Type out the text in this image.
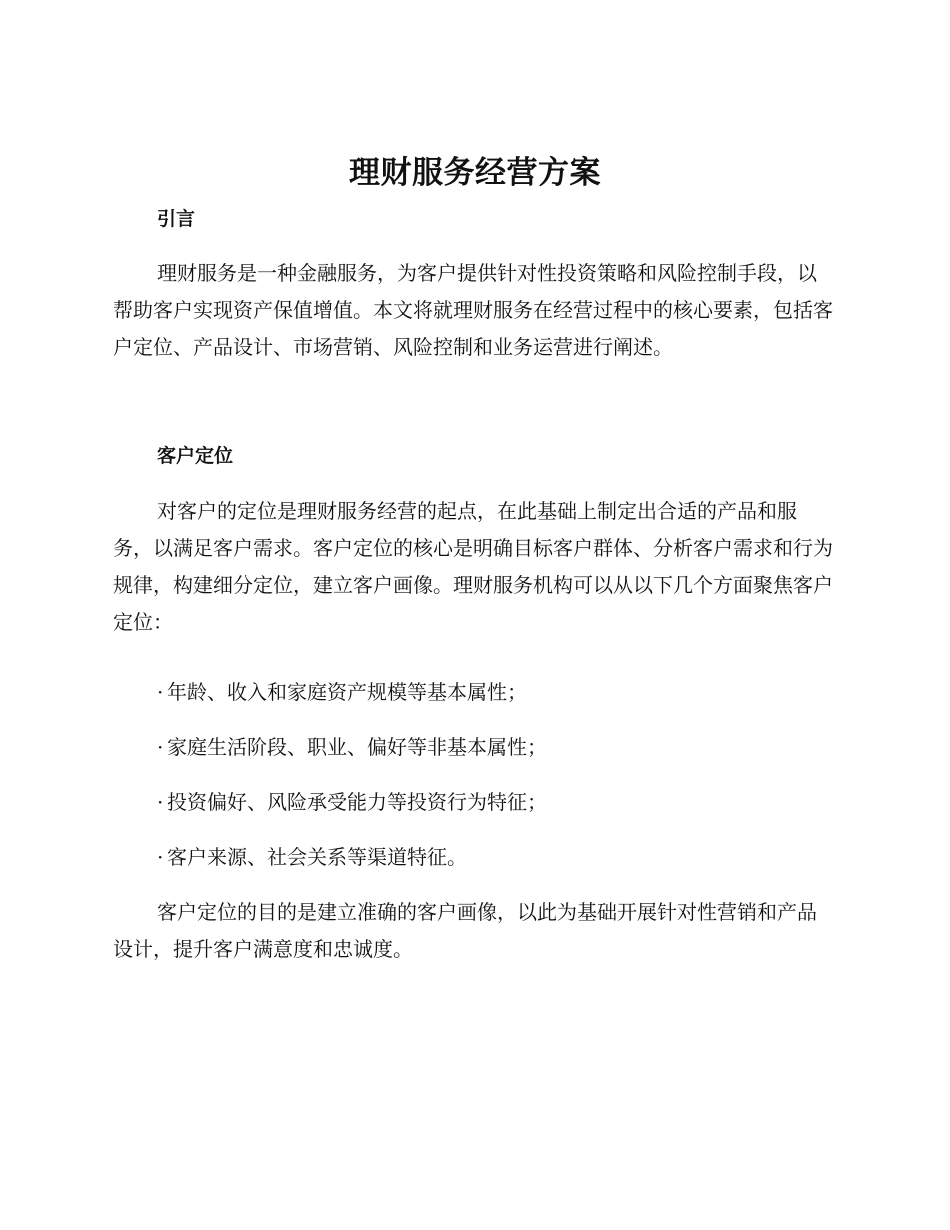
理财服务经营方案
引言

理财服务是一种金融服务，为客户提供针对性投资策略和风险控制手段，以帮助客户实现资产保值增值。本文将就理财服务在经营过程中的核心要素，包括客户定位、产品设计、市场营销、风险控制和业务运营进行阐述。

客户定位

对客户的定位是理财服务经营的起点，在此基础上制定出合适的产品和服务，以满足客户需求。客户定位的核心是明确目标客户群体、分析客户需求和行为规律，构建细分定位，建立客户画像。理财服务机构可以从以下几个方面聚焦客户定位：

· 年龄、收入和家庭资产规模等基本属性；

· 家庭生活阶段、职业、偏好等非基本属性；

· 投资偏好、风险承受能力等投资行为特征；

· 客户来源、社会关系等渠道特征。

客户定位的目的是建立准确的客户画像，以此为基础开展针对性营销和产品设计，提升客户满意度和忠诚度。
